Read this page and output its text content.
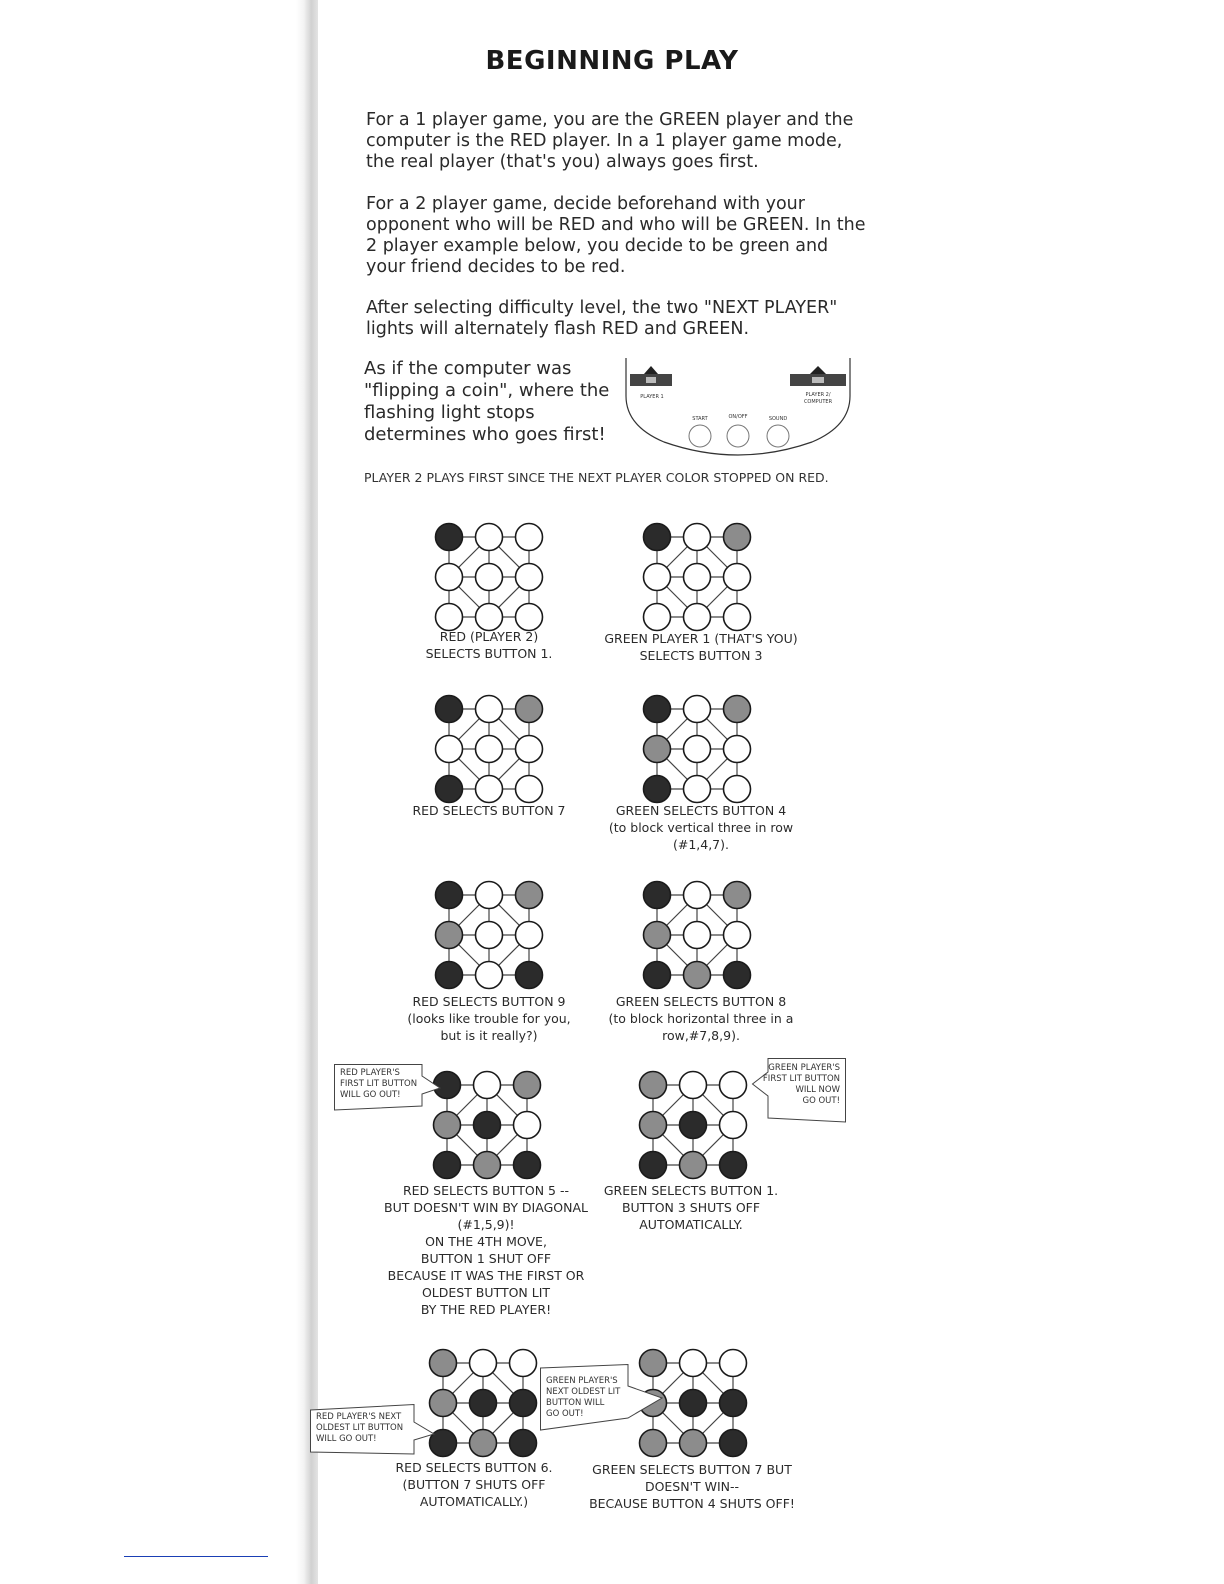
BEGINNING PLAY

For a 1 player game, you are the GREEN player and the computer is the RED player. In a 1 player game mode, the real player (that's you) always goes first.

For a 2 player game, decide beforehand with your opponent who will be RED and who will be GREEN. In the 2 player example below, you decide to be green and your friend decides to be red.

After selecting difficulty level, the two "NEXT PLAYER" lights will alternately flash RED and GREEN.

As if the computer was "flipping a coin", where the flashing light stops determines who goes first!

PLAYER 1	PLAYER 2/
COMPUTER
START	ON/OFF	SOUND
PLAYER 2 PLAYS FIRST SINCE THE NEXT PLAYER COLOR STOPPED ON RED.
RED (PLAYER 2)
SELECTS BUTTON 1.
GREEN PLAYER 1 (THAT'S YOU)
SELECTS BUTTON 3
RED SELECTS BUTTON 7	GREEN SELECTS BUTTON 4
(to block vertical three in row
(#1,4,7).
RED SELECTS BUTTON 9
(looks like trouble for you,
but is it really?)
GREEN SELECTS BUTTON 8
(to block horizontal three in a
row,#7,8,9).
RED SELECTS BUTTON 5 --
BUT DOESN'T WIN BY DIAGONAL
(#1,5,9)!
ON THE 4TH MOVE,
BUTTON 1 SHUT OFF
BECAUSE IT WAS THE FIRST OR
OLDEST BUTTON LIT
BY THE RED PLAYER!
GREEN SELECTS BUTTON 1.
BUTTON 3 SHUTS OFF
AUTOMATICALLY.
RED SELECTS BUTTON 6.
(BUTTON 7 SHUTS OFF
AUTOMATICALLY.)
GREEN SELECTS BUTTON 7 BUT
DOESN'T WIN--
BECAUSE BUTTON 4 SHUTS OFF!
RED PLAYER'S
FIRST LIT BUTTON
WILL GO OUT!
GREEN PLAYER'S
FIRST LIT BUTTON
WILL NOW
GO OUT!
RED PLAYER'S NEXT
OLDEST LIT BUTTON
WILL GO OUT!
GREEN PLAYER'S
NEXT OLDEST LIT
BUTTON WILL
GO OUT!
